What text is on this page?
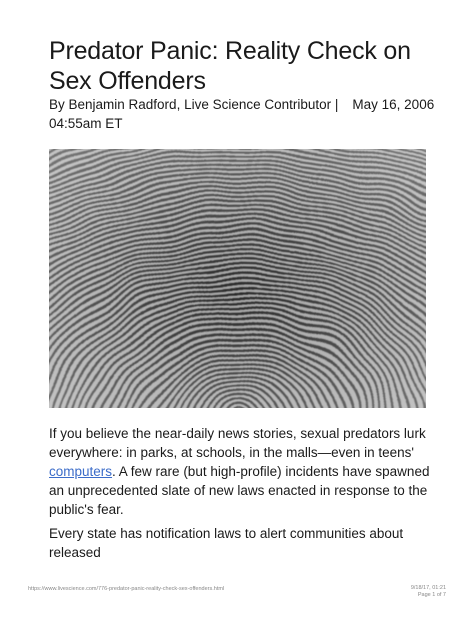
Predator Panic: Reality Check on Sex Offenders
By Benjamin Radford, Live Science Contributor | May 16, 2006
04:55am ET

If you believe the near-daily news stories, sexual predators lurk everywhere: in parks, at schools, in the malls—even in teens' computers. A few rare (but high-profile) incidents have spawned an unprecedented slate of new laws enacted in response to the public's fear.

Every state has notification laws to alert communities about released

https://www.livescience.com/776-predator-panic-reality-check-sex-offenders.html	9/18/17, 01:21
Page 1 of 7
